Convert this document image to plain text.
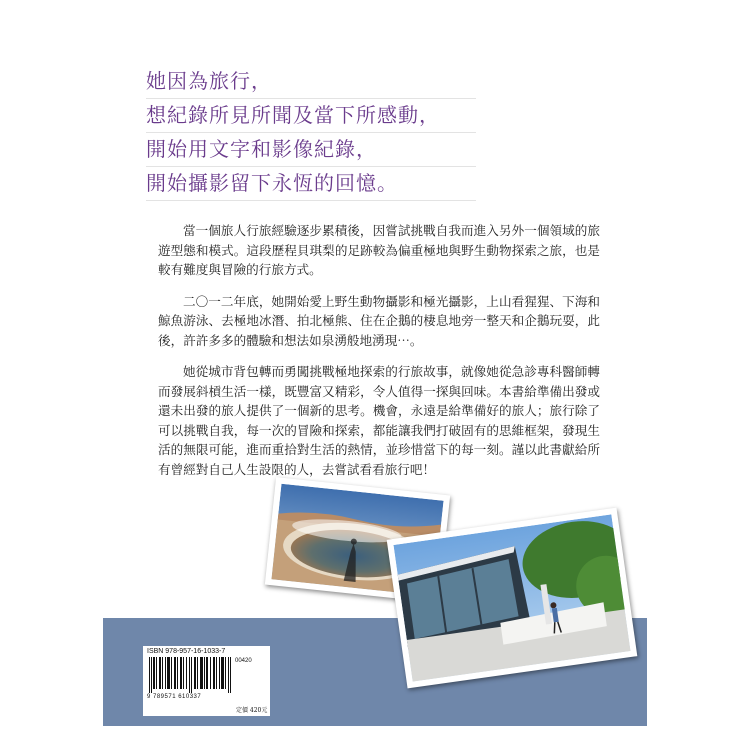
她因為旅行，
想紀錄所見所聞及當下所感動，
開始用文字和影像紀錄，
開始攝影留下永恆的回憶。

當一個旅人行旅經驗逐步累積後，因嘗試挑戰自我而進入另外一個領域的旅遊型態和模式。這段歷程貝琪梨的足跡較為偏重極地與野生動物探索之旅，也是較有難度與冒險的行旅方式。

二〇一二年底，她開始愛上野生動物攝影和極光攝影，上山看猩猩、下海和鯨魚游泳、去極地冰潛、拍北極熊、住在企鵝的棲息地旁一整天和企鵝玩耍，此後，許許多多的體驗和想法如泉湧般地湧現⋯。

她從城市背包轉而勇闖挑戰極地探索的行旅故事，就像她從急診專科醫師轉而發展斜槓生活一樣，既豐富又精彩，令人值得一探與回味。本書給準備出發或還未出發的旅人提供了一個新的思考。機會，永遠是給準備好的旅人；旅行除了可以挑戰自我，每一次的冒險和探索，都能讓我們打破固有的思維框架，發現生活的無限可能，進而重拾對生活的熱情，並珍惜當下的每一刻。謹以此書獻給所有曾經對自己人生設限的人，去嘗試看看旅行吧！

ISBN 978-957-16-1033-7
00420
9 789571 610337
定價 420元
